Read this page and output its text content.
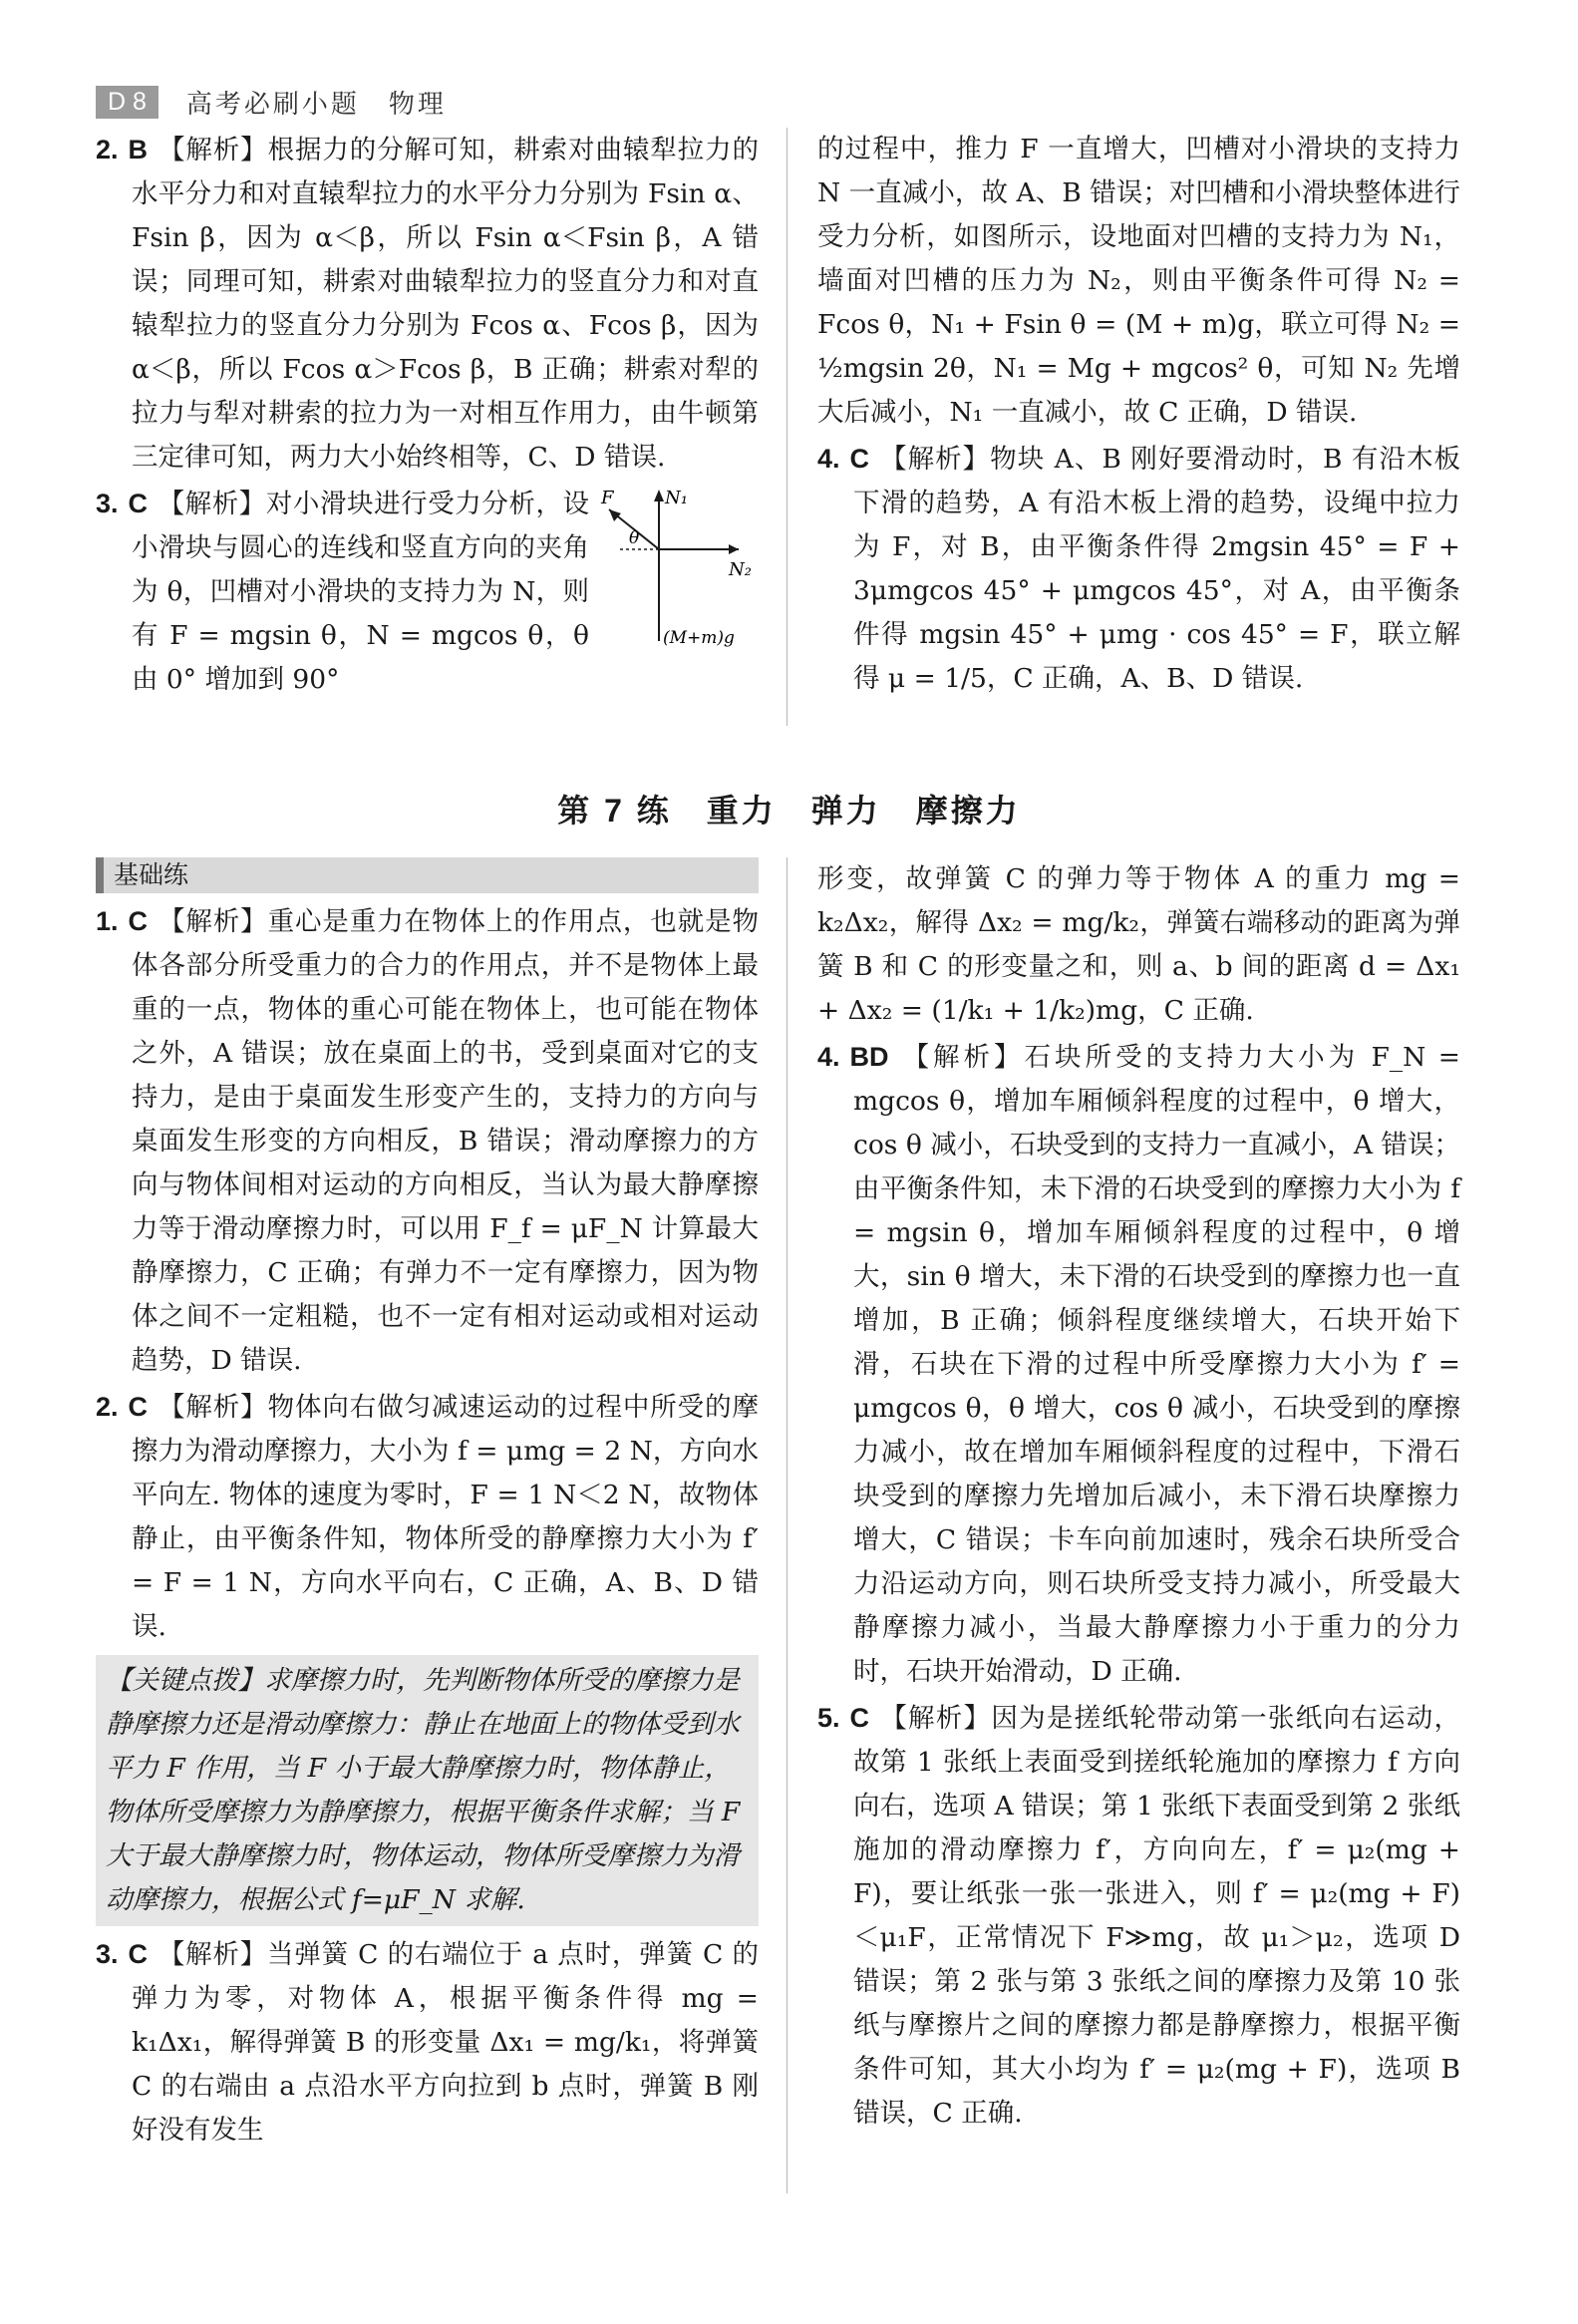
D 8	高考必刷小题　物理
2. B 【解析】根据力的分解可知，耕索对曲辕犁拉力的水平分力和对直辕犁拉力的水平分力分别为 Fsin α、Fsin β，因为 α＜β，所以 Fsin α＜Fsin β，A 错误；同理可知，耕索对曲辕犁拉力的竖直分力和对直辕犁拉力的竖直分力分别为 Fcos α、Fcos β，因为 α＜β，所以 Fcos α＞Fcos β，B 正确；耕索对犁的拉力与犁对耕索的拉力为一对相互作用力，由牛顿第三定律可知，两力大小始终相等，C、D 错误.
F	N₁
N₂
θ
(M+m)g
3. C 【解析】对小滑块进行受力分析，设小滑块与圆心的连线和竖直方向的夹角为 θ，凹槽对小滑块的支持力为 N，则有 F = mgsin θ，N = mgcos θ，θ 由 0° 增加到 90°
的过程中，推力 F 一直增大，凹槽对小滑块的支持力 N 一直减小，故 A、B 错误；对凹槽和小滑块整体进行受力分析，如图所示，设地面对凹槽的支持力为 N₁，墙面对凹槽的压力为 N₂，则由平衡条件可得 N₂ = Fcos θ，N₁ + Fsin θ = (M + m)g，联立可得 N₂ = ½mgsin 2θ，N₁ = Mg + mgcos² θ，可知 N₂ 先增大后减小，N₁ 一直减小，故 C 正确，D 错误.
4. C 【解析】物块 A、B 刚好要滑动时，B 有沿木板下滑的趋势，A 有沿木板上滑的趋势，设绳中拉力为 F，对 B，由平衡条件得 2mgsin 45° = F + 3μmgcos 45° + μmgcos 45°，对 A，由平衡条件得 mgsin 45° + μmg · cos 45° = F，联立解得 μ = 1/5，C 正确，A、B、D 错误.
第 7 练　重力　弹力　摩擦力
基础练
1. C 【解析】重心是重力在物体上的作用点，也就是物体各部分所受重力的合力的作用点，并不是物体上最重的一点，物体的重心可能在物体上，也可能在物体之外，A 错误；放在桌面上的书，受到桌面对它的支持力，是由于桌面发生形变产生的，支持力的方向与桌面发生形变的方向相反，B 错误；滑动摩擦力的方向与物体间相对运动的方向相反，当认为最大静摩擦力等于滑动摩擦力时，可以用 F_f = μF_N 计算最大静摩擦力，C 正确；有弹力不一定有摩擦力，因为物体之间不一定粗糙，也不一定有相对运动或相对运动趋势，D 错误.
2. C 【解析】物体向右做匀减速运动的过程中所受的摩擦力为滑动摩擦力，大小为 f = μmg = 2 N，方向水平向左. 物体的速度为零时，F = 1 N＜2 N，故物体静止，由平衡条件知，物体所受的静摩擦力大小为 f′ = F = 1 N，方向水平向右，C 正确，A、B、D 错误.
【关键点拨】求摩擦力时，先判断物体所受的摩擦力是静摩擦力还是滑动摩擦力：静止在地面上的物体受到水平力 F 作用，当 F 小于最大静摩擦力时，物体静止，物体所受摩擦力为静摩擦力，根据平衡条件求解；当 F 大于最大静摩擦力时，物体运动，物体所受摩擦力为滑动摩擦力，根据公式 f=μF_N 求解.
3. C 【解析】当弹簧 C 的右端位于 a 点时，弹簧 C 的弹力为零，对物体 A，根据平衡条件得 mg = k₁Δx₁，解得弹簧 B 的形变量 Δx₁ = mg/k₁，将弹簧 C 的右端由 a 点沿水平方向拉到 b 点时，弹簧 B 刚好没有发生
形变，故弹簧 C 的弹力等于物体 A 的重力 mg = k₂Δx₂，解得 Δx₂ = mg/k₂，弹簧右端移动的距离为弹簧 B 和 C 的形变量之和，则 a、b 间的距离 d = Δx₁ + Δx₂ = (1/k₁ + 1/k₂)mg，C 正确.
4. BD 【解析】石块所受的支持力大小为 F_N = mgcos θ，增加车厢倾斜程度的过程中，θ 增大，cos θ 减小，石块受到的支持力一直减小，A 错误；由平衡条件知，未下滑的石块受到的摩擦力大小为 f = mgsin θ，增加车厢倾斜程度的过程中，θ 增大，sin θ 增大，未下滑的石块受到的摩擦力也一直增加，B 正确；倾斜程度继续增大，石块开始下滑，石块在下滑的过程中所受摩擦力大小为 f′ = μmgcos θ，θ 增大，cos θ 减小，石块受到的摩擦力减小，故在增加车厢倾斜程度的过程中，下滑石块受到的摩擦力先增加后减小，未下滑石块摩擦力增大，C 错误；卡车向前加速时，残余石块所受合力沿运动方向，则石块所受支持力减小，所受最大静摩擦力减小，当最大静摩擦力小于重力的分力时，石块开始滑动，D 正确.
5. C 【解析】因为是搓纸轮带动第一张纸向右运动，故第 1 张纸上表面受到搓纸轮施加的摩擦力 f 方向向右，选项 A 错误；第 1 张纸下表面受到第 2 张纸施加的滑动摩擦力 f′，方向向左，f′ = μ₂(mg + F)，要让纸张一张一张进入，则 f′ = μ₂(mg + F)＜μ₁F，正常情况下 F≫mg，故 μ₁＞μ₂，选项 D 错误；第 2 张与第 3 张纸之间的摩擦力及第 10 张纸与摩擦片之间的摩擦力都是静摩擦力，根据平衡条件可知，其大小均为 f′ = μ₂(mg + F)，选项 B 错误，C 正确.
